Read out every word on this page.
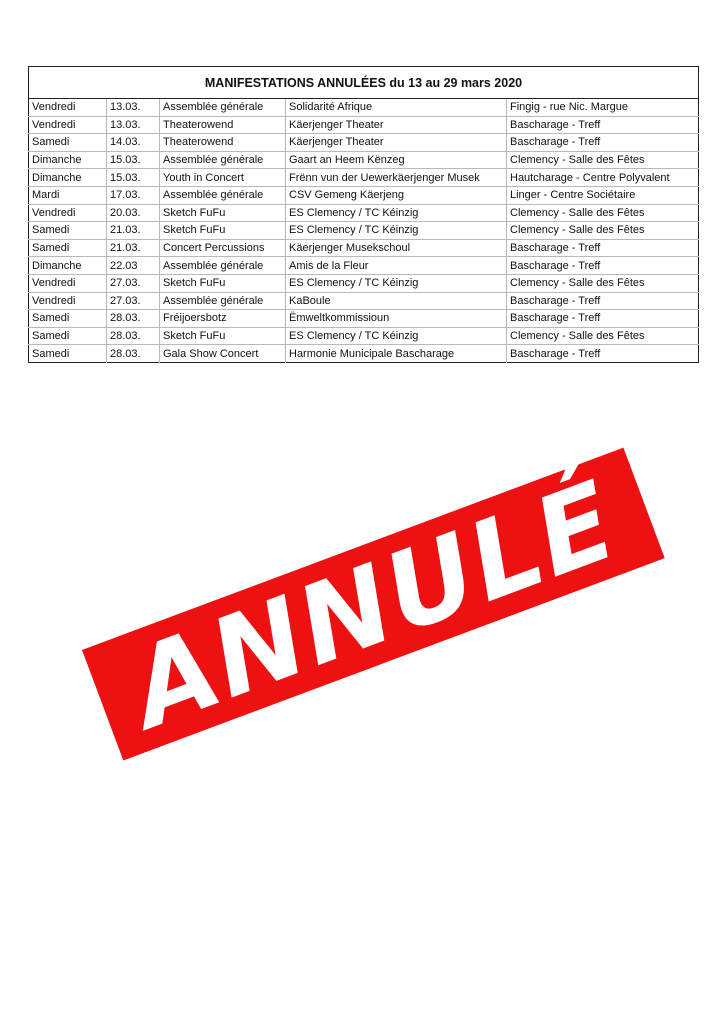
MANIFESTATIONS ANNULÉES du 13 au 29 mars 2020				
Vendredi	13.03.	Assemblée générale	Solidarité Afrique	Fingig - rue Nic. Margue
Vendredi	13.03.	Theaterowend	Käerjenger Theater	Bascharage - Treff
Samedi	14.03.	Theaterowend	Käerjenger Theater	Bascharage - Treff
Dimanche	15.03.	Assemblée générale	Gaart an Heem Kënzeg	Clemency - Salle des Fêtes
Dimanche	15.03.	Youth in Concert	Frënn vun der Uewerkäerjenger Musek	Hautcharage - Centre Polyvalent
Mardi	17.03.	Assemblée générale	CSV Gemeng Käerjeng	Linger - Centre Sociétaire
Vendredi	20.03.	Sketch FuFu	ES Clemency / TC Kéinzig	Clemency - Salle des Fêtes
Samedi	21.03.	Sketch FuFu	ES Clemency / TC Kéinzig	Clemency - Salle des Fêtes
Samedi	21.03.	Concert Percussions	Käerjenger Musekschoul	Bascharage - Treff
Dimanche	22.03	Assemblée générale	Amis de la Fleur	Bascharage - Treff
Vendredi	27.03.	Sketch FuFu	ES Clemency / TC Kéinzig	Clemency - Salle des Fêtes
Vendredi	27.03.	Assemblée générale	KaBoule	Bascharage - Treff
Samedi	28.03.	Fréijoersbotz	Ëmweltkommissioun	Bascharage - Treff
Samedi	28.03.	Sketch FuFu	ES Clemency / TC Kéinzig	Clemency - Salle des Fêtes
Samedi	28.03.	Gala Show Concert	Harmonie Municipale Bascharage	Bascharage - Treff
ANNULÉ
